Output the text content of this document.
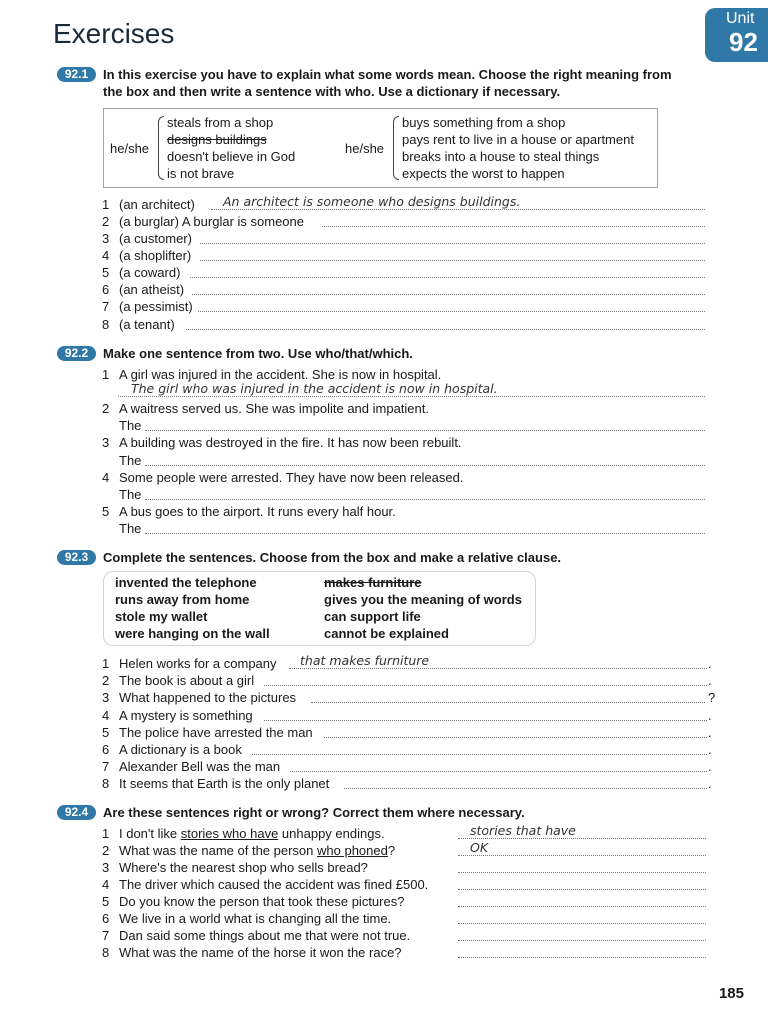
Exercises	Unit
92
92.1	In this exercise you have to explain what some words mean. Choose the right meaning from
the box and then write a sentence with who. Use a dictionary if necessary.
he/she
steals from a shop
designs buildings
doesn't believe in God
is not brave
he/she
buys something from a shop
pays rent to live in a house or apartment
breaks into a house to steal things
expects the worst to happen
1 (an architect) An architect is someone who designs buildings.
2 (a burglar) A burglar is someone
3 (a customer)
4 (a shoplifter)
5 (a coward)
6 (an atheist)
7 (a pessimist)
8 (a tenant)
92.2	Make one sentence from two. Use who/that/which.
1 A girl was injured in the accident. She is now in hospital.
The girl who was injured in the accident is now in hospital.
2 A waitress served us. She was impolite and impatient.
The
3 A building was destroyed in the fire. It has now been rebuilt.
The
4 Some people were arrested. They have now been released.
The
5 A bus goes to the airport. It runs every half hour.
The
92.3	Complete the sentences. Choose from the box and make a relative clause.
invented the telephone
runs away from home
stole my wallet
were hanging on the wall
makes furniture
gives you the meaning of words
can support life
cannot be explained
1 Helen works for a company that makes furniture	.
2 The book is about a girl	.
3 What happened to the pictures	?
4 A mystery is something	.
5 The police have arrested the man	.
6 A dictionary is a book	.
7 Alexander Bell was the man	.
8 It seems that Earth is the only planet	.
92.4	Are these sentences right or wrong? Correct them where necessary.
1 I don't like stories who have unhappy endings.	stories that have
2 What was the name of the person who phoned?	OK
3 Where's the nearest shop who sells bread?
4 The driver which caused the accident was fined £500.
5 Do you know the person that took these pictures?
6 We live in a world what is changing all the time.
7 Dan said some things about me that were not true.
8 What was the name of the horse it won the race?
185
